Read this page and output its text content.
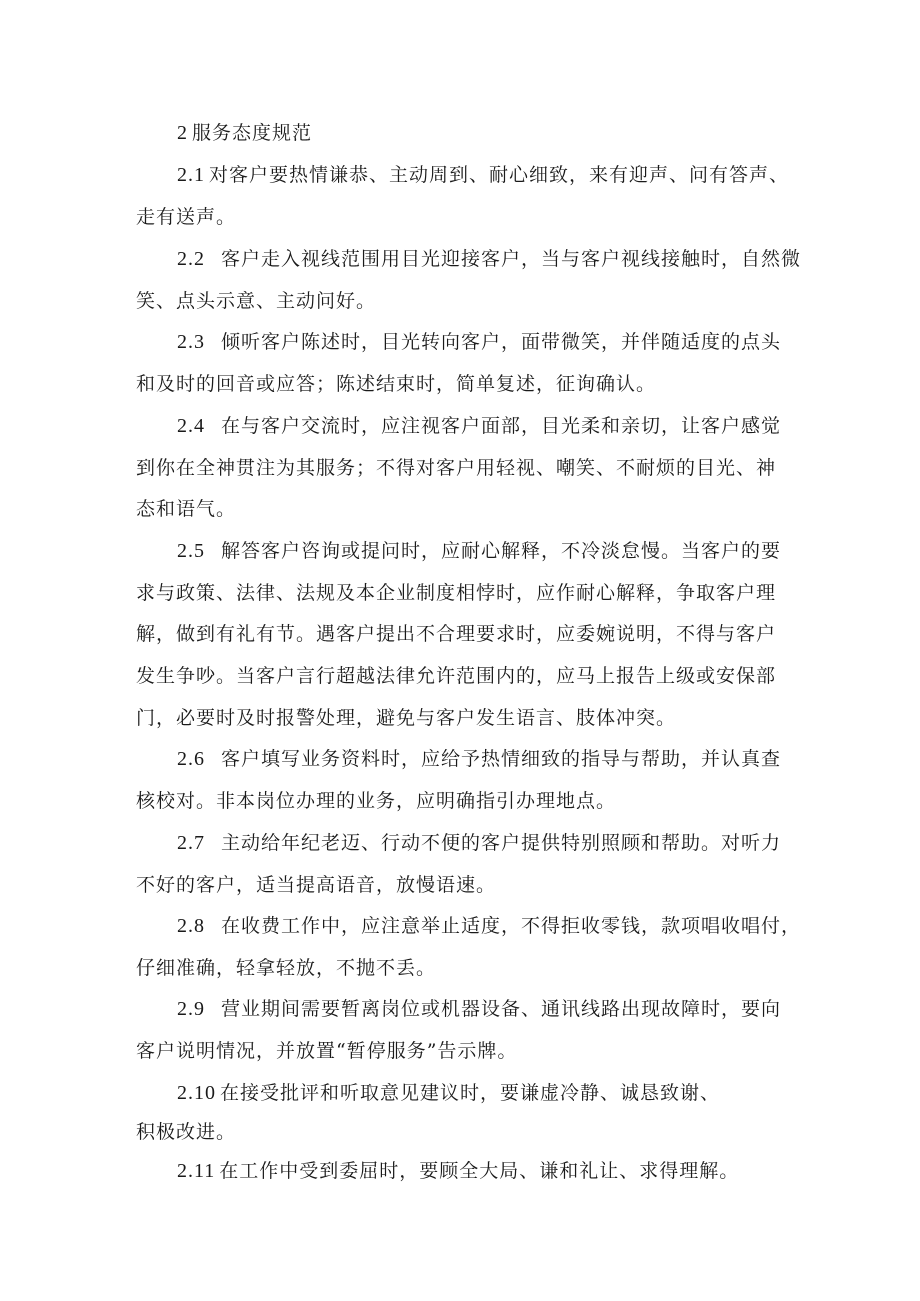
2 服务态度规范
2.1 对客户要热情谦恭、主动周到、耐心细致，来有迎声、问有答声、
走有送声。
2.2 客户走入视线范围用目光迎接客户，当与客户视线接触时，自然微
笑、点头示意、主动问好。
2.3 倾听客户陈述时，目光转向客户，面带微笑，并伴随适度的点头
和及时的回音或应答；陈述结束时，简单复述，征询确认。
2.4 在与客户交流时，应注视客户面部，目光柔和亲切，让客户感觉
到你在全神贯注为其服务；不得对客户用轻视、嘲笑、不耐烦的目光、神
态和语气。
2.5 解答客户咨询或提问时，应耐心解释，不冷淡怠慢。当客户的要
求与政策、法律、法规及本企业制度相悖时，应作耐心解释，争取客户理
解，做到有礼有节。遇客户提出不合理要求时，应委婉说明，不得与客户
发生争吵。当客户言行超越法律允许范围内的，应马上报告上级或安保部
门，必要时及时报警处理，避免与客户发生语言、肢体冲突。
2.6 客户填写业务资料时，应给予热情细致的指导与帮助，并认真查
核校对。非本岗位办理的业务，应明确指引办理地点。
2.7 主动给年纪老迈、行动不便的客户提供特别照顾和帮助。对听力
不好的客户，适当提高语音，放慢语速。
2.8 在收费工作中，应注意举止适度，不得拒收零钱，款项唱收唱付，
仔细准确，轻拿轻放，不抛不丢。
2.9 营业期间需要暂离岗位或机器设备、通讯线路出现故障时，要向
客户说明情况，并放置“暂停服务”告示牌。
2.10 在接受批评和听取意见建议时，要谦虚冷静、诚恳致谢、
积极改进。
2.11 在工作中受到委屈时，要顾全大局、谦和礼让、求得理解。
